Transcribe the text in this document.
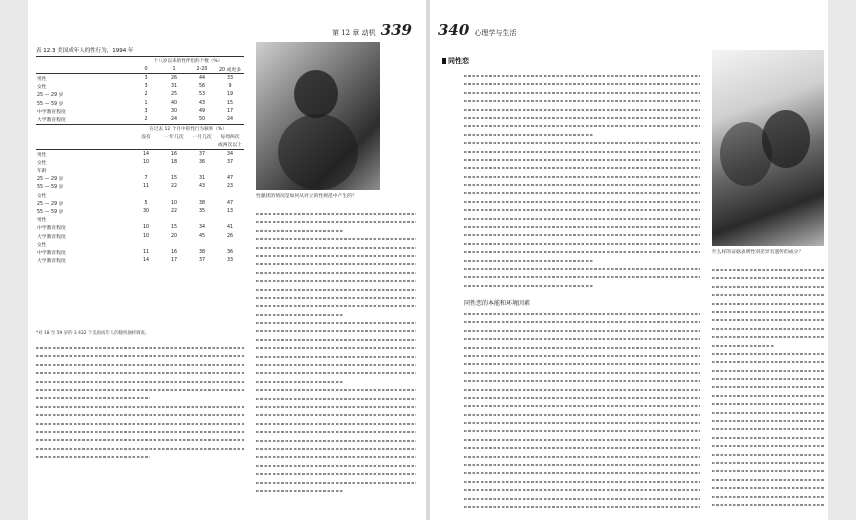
第 12 章 动机 339
表 12.3 美国成年人的性行为，1994 年
	十八岁以来的性伴侣的个数（%）			
	0	1	2-20	20 或更多
男性	3	26	44	33
女性	3	31	56	9
25 — 29 岁	2	25	53	19
55 — 59 岁	1	40	43	15
中学教育程度	3	30	49	17
大学教育程度	2	24	50	24
	在过去 12 个月中的性行为频率（%）			
	没有	一年几次	一月几次	每周两次
				或两次以上
男性	14	16	37	34
女性	10	18	36	37
年龄				
25 — 29 岁	7	15	31	47
55 — 59 岁	11	22	43	23
女性				
25 — 29 岁	5	10	38	47
55 — 59 岁	30	22	35	13
男性				
中学教育程度	10	15	34	41
大学教育程度	10	20	45	26
女性				
中学教育程度	11	16	38	36
大学教育程度	14	17	37	33
*对 18 至 59 岁的 3 432 个美国成年人的随机抽样调查。
性骚扰的情况是如何从对立的性规范中产生的？
340 心理学与生活
同性恋
同性恋的本能和环境因素
什么样的证据表明性别差异有遗传的成分？
